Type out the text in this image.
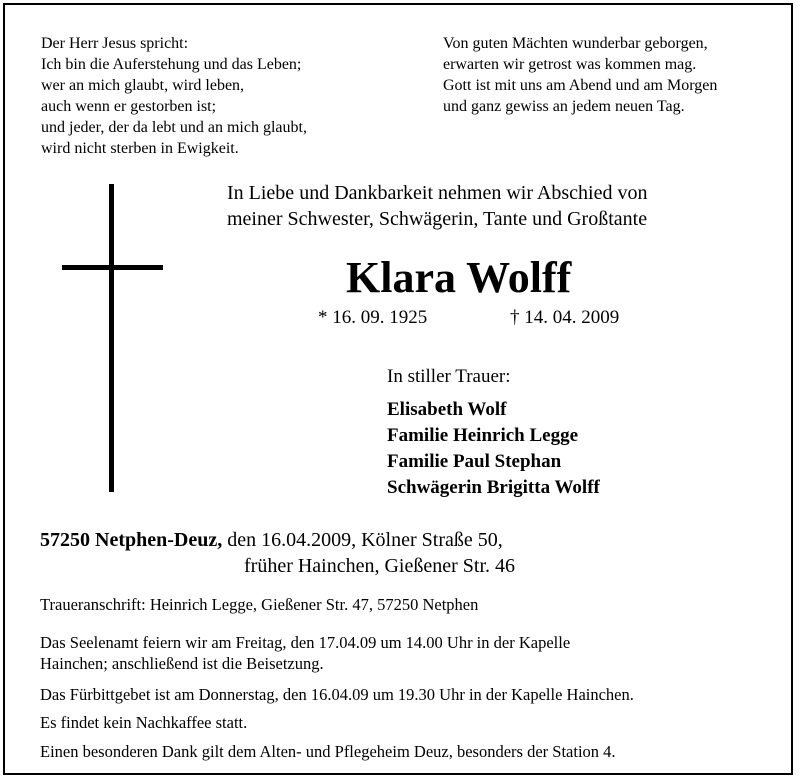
Der Herr Jesus spricht:
Ich bin die Auferstehung und das Leben;
wer an mich glaubt, wird leben,
auch wenn er gestorben ist;
und jeder, der da lebt und an mich glaubt,
wird nicht sterben in Ewigkeit.
Von guten Mächten wunderbar geborgen,
erwarten wir getrost was kommen mag.
Gott ist mit uns am Abend und am Morgen
und ganz gewiss an jedem neuen Tag.
In Liebe und Dankbarkeit nehmen wir Abschied von
meiner Schwester, Schwägerin, Tante und Großtante
Klara Wolff
* 16. 09. 1925	† 14. 04. 2009
In stiller Trauer:
Elisabeth Wolf
Familie Heinrich Legge
Familie Paul Stephan
Schwägerin Brigitta Wolff
57250 Netphen-Deuz, den 16.04.2009, Kölner Straße 50,
früher Hainchen, Gießener Str. 46
Traueranschrift: Heinrich Legge, Gießener Str. 47, 57250 Netphen
Das Seelenamt feiern wir am Freitag, den 17.04.09 um 14.00 Uhr in der Kapelle
Hainchen; anschließend ist die Beisetzung.
Das Fürbittgebet ist am Donnerstag, den 16.04.09 um 19.30 Uhr in der Kapelle Hainchen.
Es findet kein Nachkaffee statt.
Einen besonderen Dank gilt dem Alten- und Pflegeheim Deuz, besonders der Station 4.
